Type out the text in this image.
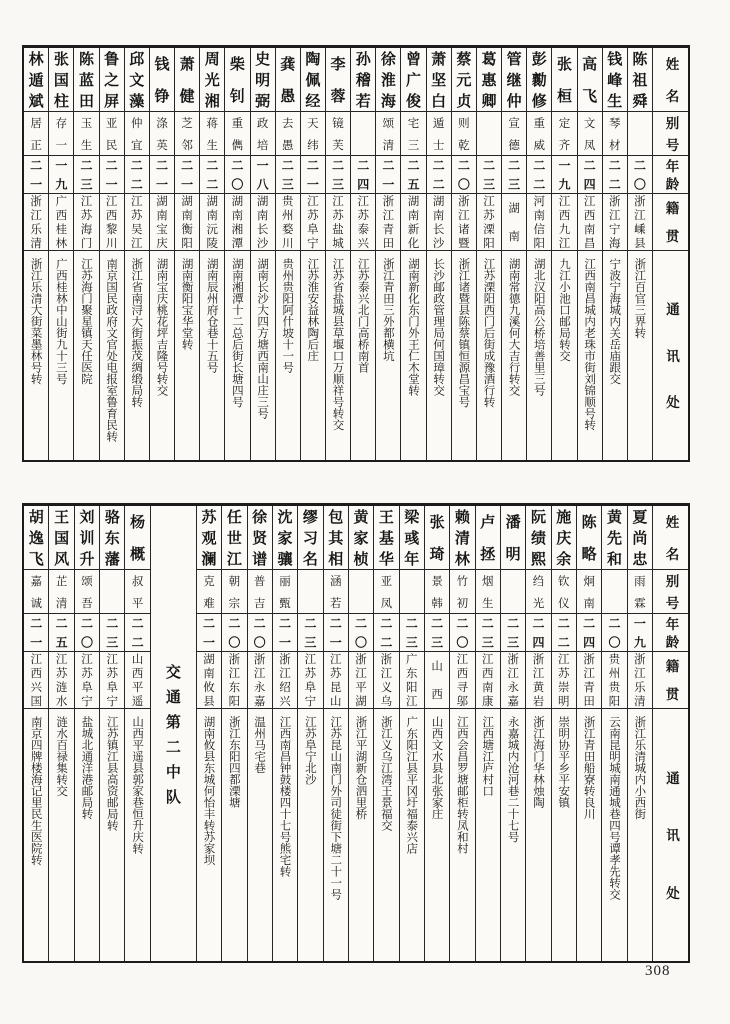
姓
名
别
号
年
龄
籍
贯
通
讯
处
陈
祖
舜
二
〇
浙
江
嵊
县
浙江百官三界转
钱
峰
生
琴
材
二
二
浙
江
宁
海
宁波宁海城内关岳庙跟交
高
飞
文
凤
二
四
江
西
南
昌
江西南昌城内老珠市街刘锦顺号转
张
桓
定
齐
一
九
江
西
九
江
九江小池口邮局转交
彭
勷
修
重
威
二
二
河
南
信
阳
湖北汉阳高公桥培善里三号
管
继
仲
宣
德
二
三
湖
南
湖南常德九溪何大吉行转交
葛
惠
卿
二
三
江
苏
溧
阳
江苏溧阳西门后街成豫酒行转
蔡
元
贞
则
乾
二
〇
浙
江
诸
暨
浙江诸暨县陈蔡镇恒源昌宝号
萧
坚
白
遁
士
二
二
湖
南
长
沙
长沙邮政管理局何国璋转交
曾
广
俊
宅
三
二
五
湖
南
新
化
湖南新化东门外王仁木堂转
徐
淮
海
颂
清
二
一
浙
江
青
田
浙江青田三外都横坑
孙
稽
若
二
四
江
苏
泰
兴
江苏泰兴北门高桥南首
李
蓉
镜
芙
二
三
江
苏
盐
城
江苏省盐城县草堰口万顺祥号转交
陶
佩
经
天
纬
二
一
江
苏
阜
宁
江苏淮安益林陶后庄
龚
愚
去
愚
二
三
贵
州
婺
川
贵州贵阳阿什坡十一号
史
明
弼
政
培
一
八
湖
南
长
沙
湖南长沙大四方塘西南山庄三号
柴
钊
重
儁
二
〇
湖
南
湘
潭
湖南湘潭十二总后街长塘四号
周
光
湘
蒋
生
二
二
湖
南
沅
陵
湖南辰州府仓巷十五号
萧
健
芝
邻
二
一
湖
南
衡
阳
湖南衡阳宝华堂转
钱
铮
涤
英
二
一
湖
南
宝
庆
湖南宝庆桃花坪吉隆号转交
邱
文
藻
仲
宜
二
二
江
苏
吴
江
浙江省南浔大街振茂绸缎局转
鲁
之
屏
亚
民
二
一
江
西
黎
川
南京国民政府文官处电报室鲁育民转
陈
蓝
田
玉
生
二
三
江
苏
海
门
江苏海门聚星镇天任医院
张
国
柱
存
一
一
九
广
西
桂
林
广西桂林中山街九十三号
林
遁
斌
居
正
二
一
浙
江
乐
清
浙江乐清大街菜墨林号转
姓
名
别
号
年
龄
籍
贯
通
讯
处
夏
尚
忠
雨
霖
一
九
浙
江
乐
清
浙江乐清城内小西街
黄
先
和
二
〇
贵
州
贵
阳
云南昆明城南通城巷四号谭孝先转交
陈
略
炯
南
二
四
浙
江
青
田
浙江青田船寮转良川
施
庆
余
钦
仪
二
二
江
苏
崇
明
崇明协平乡平安镇
阮
绩
熙
绉
光
二
四
浙
江
黄
岩
浙江海门华林烛陶
潘
明
二
三
浙
江
永
嘉
永嘉城内沧河巷二十七号
卢
拯
烟
生
二
三
江
西
南
康
江西塘江庐村口
赖
清
林
竹
初
二
〇
江
西
寻
邬
江西会昌罗塘邮柜转凤和村
张
琦
景
韩
二
三
山
西
山西文水县北张家庄
梁
彧
年
二
三
广
东
阳
江
广东阳江县平冈圩福泰兴店
王
基
华
亚
凤
二
二
浙
江
义
乌
浙江义乌江湾王景福交
黄
家
桢
二
〇
浙
江
平
湖
浙江平湖新仓泗里桥
包
其
相
涵
若
二
一
江
苏
昆
山
江苏昆山南门外司徒街下塘二十一号
缪
习
名
二
三
江
苏
阜
宁
江苏阜宁北沙
沈
家
骧
丽
甄
二
一
浙
江
绍
兴
江西南昌钟鼓楼四十七号熊宅转
徐
贤
谱
普
吉
二
〇
浙
江
永
嘉
温州马宅巷
任
世
江
朝
宗
二
〇
浙
江
东
阳
浙江东阳四都溧塘
苏
观
澜
克
难
二
一
湖
南
攸
县
湖南攸县东城何怡丰转苏家坝
交
通
第
二
中
队
杨
概
叔
平
二
二
山
西
平
遥
山西平遥县郭家巷恒升庆转
骆
东
藩
二
三
江
苏
阜
宁
江苏镇江县高资邮局转
刘
训
升
颂
吾
二
〇
江
苏
阜
宁
盐城北通洋港邮局转
王
国
风
芷
清
二
五
江
苏
涟
水
涟水百禄集转交
胡
逸
飞
嘉
诚
二
一
江
西
兴
国
南京四牌楼海记里民生医院转
308
